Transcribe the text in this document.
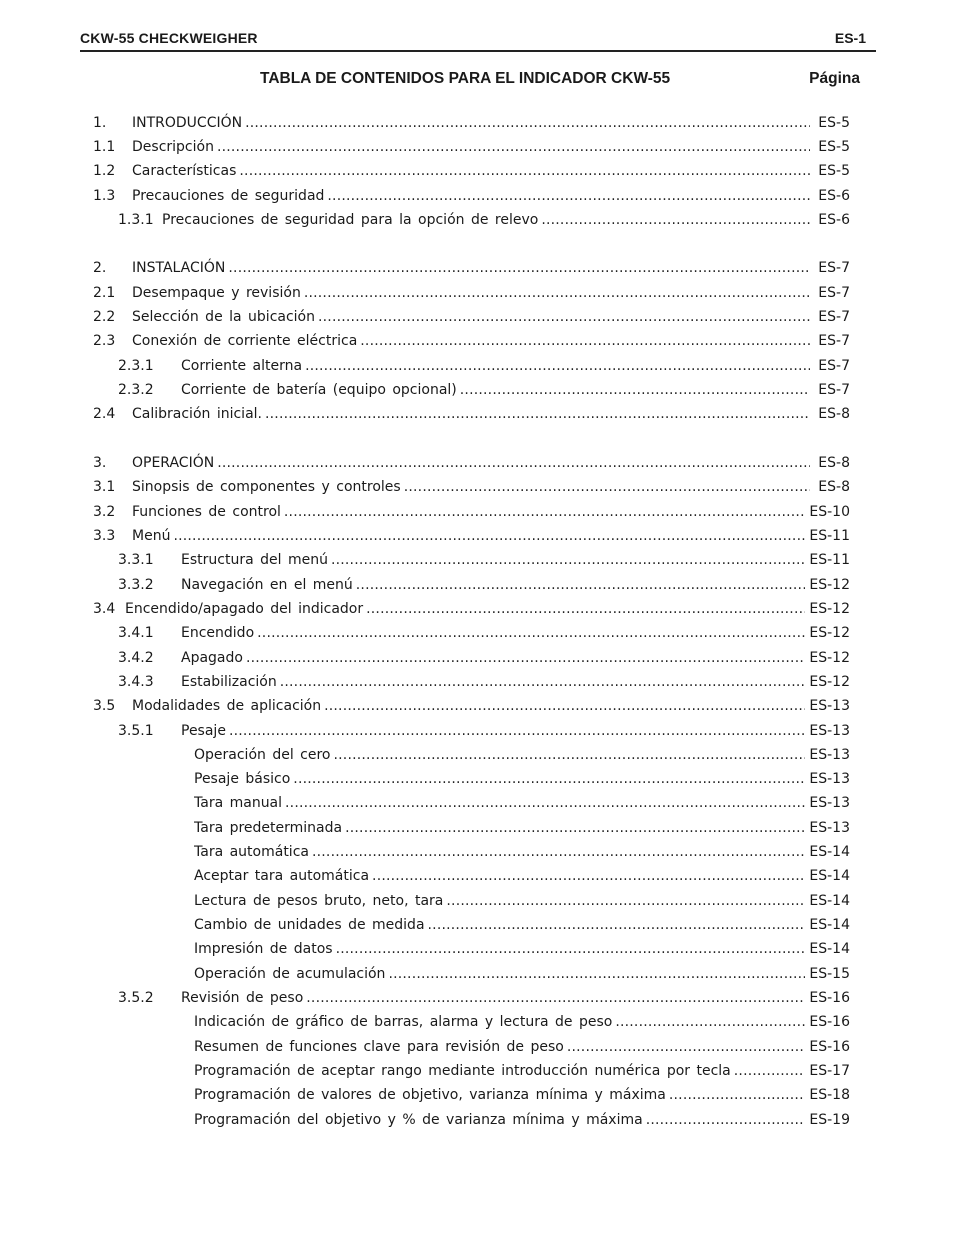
CKW-55 CHECKWEIGHER	ES-1
TABLA DE CONTENIDOS PARA EL INDICADOR CKW-55	Página
1. INTRODUCCIÓN .....	ES-5
1.1 Descripción .....	ES-5
1.2 Características .....	ES-5
1.3 Precauciones de seguridad .....	ES-6
1.3.1 Precauciones de seguridad para la opción de relevo .....	ES-6
2. INSTALACIÓN .....	ES-7
2.1 Desempaque y revisión .....	ES-7
2.2 Selección de la ubicación .....	ES-7
2.3 Conexión de corriente eléctrica .....	ES-7
2.3.1 Corriente alterna .....	ES-7
2.3.2 Corriente de batería (equipo opcional) .....	ES-7
2.4 Calibración inicial. .....	ES-8
3. OPERACIÓN .....	ES-8
3.1 Sinopsis de componentes y controles .....	ES-8
3.2 Funciones de control .....	ES-10
3.3 Menú .....	ES-11
3.3.1 Estructura del menú .....	ES-11
3.3.2 Navegación en el menú .....	ES-12
3.4 Encendido/apagado del indicador .....	ES-12
3.4.1 Encendido .....	ES-12
3.4.2 Apagado .....	ES-12
3.4.3 Estabilización .....	ES-12
3.5 Modalidades de aplicación .....	ES-13
3.5.1 Pesaje .....	ES-13
Operación del cero .....	ES-13
Pesaje básico .....	ES-13
Tara manual .....	ES-13
Tara predeterminada .....	ES-13
Tara automática .....	ES-14
Aceptar tara automática .....	ES-14
Lectura de pesos bruto, neto, tara .....	ES-14
Cambio de unidades de medida .....	ES-14
Impresión de datos .....	ES-14
Operación de acumulación .....	ES-15
3.5.2 Revisión de peso .....	ES-16
Indicación de gráfico de barras, alarma y lectura de peso .....	ES-16
Resumen de funciones clave para revisión de peso .....	ES-16
Programación de aceptar rango mediante introducción numérica por tecla .....	ES-17
Programación de valores de objetivo, varianza mínima y máxima .....	ES-18
Programación del objetivo y % de varianza mínima y máxima .....	ES-19
